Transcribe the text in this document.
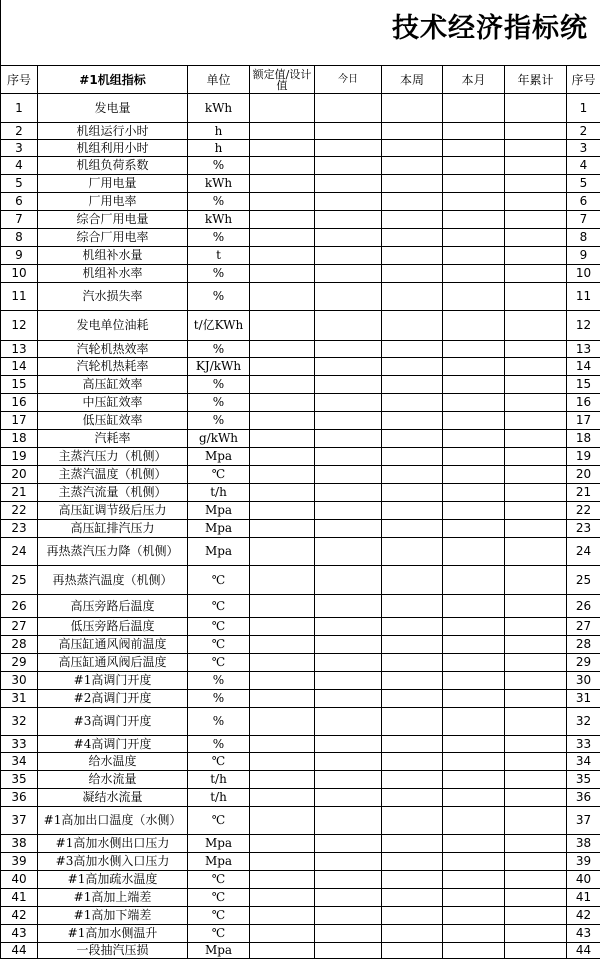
技术经济指标统
序号	#1机组指标	单位	额定值/设计值	今日	本周	本月	年累计	序号
1	发电量	kWh						1
2	机组运行小时	h						2
3	机组利用小时	h						3
4	机组负荷系数	%						4
5	厂用电量	kWh						5
6	厂用电率	%						6
7	综合厂用电量	kWh						7
8	综合厂用电率	%						8
9	机组补水量	t						9
10	机组补水率	%						10
11	汽水损失率	%						11
12	发电单位油耗	t/亿KWh						12
13	汽轮机热效率	%						13
14	汽轮机热耗率	KJ/kWh						14
15	高压缸效率	%						15
16	中压缸效率	%						16
17	低压缸效率	%						17
18	汽耗率	g/kWh						18
19	主蒸汽压力（机侧）	Mpa						19
20	主蒸汽温度（机侧）	℃						20
21	主蒸汽流量（机侧）	t/h						21
22	高压缸调节级后压力	Mpa						22
23	高压缸排汽压力	Mpa						23
24	再热蒸汽压力降（机侧）	Mpa						24
25	再热蒸汽温度（机侧）	℃						25
26	高压旁路后温度	℃						26
27	低压旁路后温度	℃						27
28	高压缸通风阀前温度	℃						28
29	高压缸通风阀后温度	℃						29
30	#1高调门开度	%						30
31	#2高调门开度	%						31
32	#3高调门开度	%						32
33	#4高调门开度	%						33
34	给水温度	℃						34
35	给水流量	t/h						35
36	凝结水流量	t/h						36
37	#1高加出口温度（水侧）	℃						37
38	#1高加水侧出口压力	Mpa						38
39	#3高加水侧入口压力	Mpa						39
40	#1高加疏水温度	℃						40
41	#1高加上端差	℃						41
42	#1高加下端差	℃						42
43	#1高加水侧温升	℃						43
44	一段抽汽压损	Mpa						44
